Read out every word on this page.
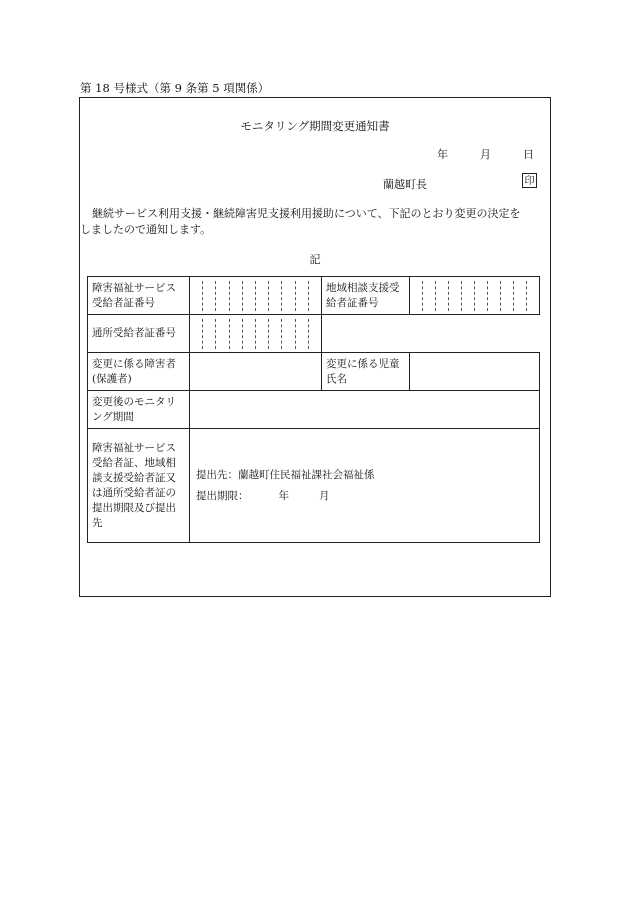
第 18 号様式（第 9 条第 5 項関係）
モニタリング期間変更通知書
年	月	日
蘭越町長	印
継続サービス利用支援・継続障害児支援利用援助について、下記のとおり変更の決定を
しましたので通知します。
記
障害福祉サービス受給者証番号		地域相談支援受給者証番号	

通所受給者証番号		

変更に係る障害者(保護者)		変更に係る児童氏名	
変更後のモニタリング期間			
障害福祉サービス受給者証、地域相談支援受給者証又は通所受給者証の提出期限及び提出先	提出先：蘭越町住民福祉課社会福祉係
提出期限： 年 月		
